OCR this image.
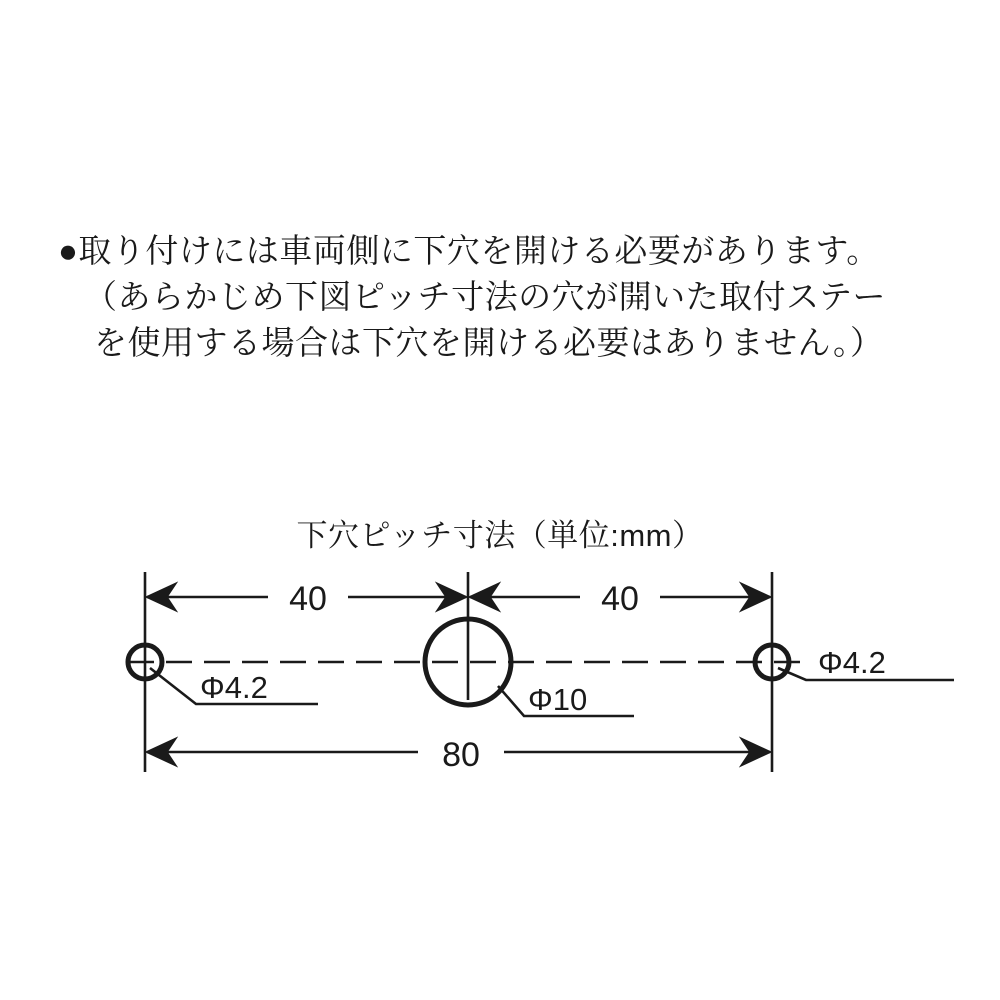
●取り付けには車両側に下穴を開ける必要があります。
（あらかじめ下図ピッチ寸法の穴が開いた取付ステー
を使用する場合は下穴を開ける必要はありません。）
下穴ピッチ寸法（単位:mm）
40	40
80
Φ4.2	Φ10
Φ4.2
